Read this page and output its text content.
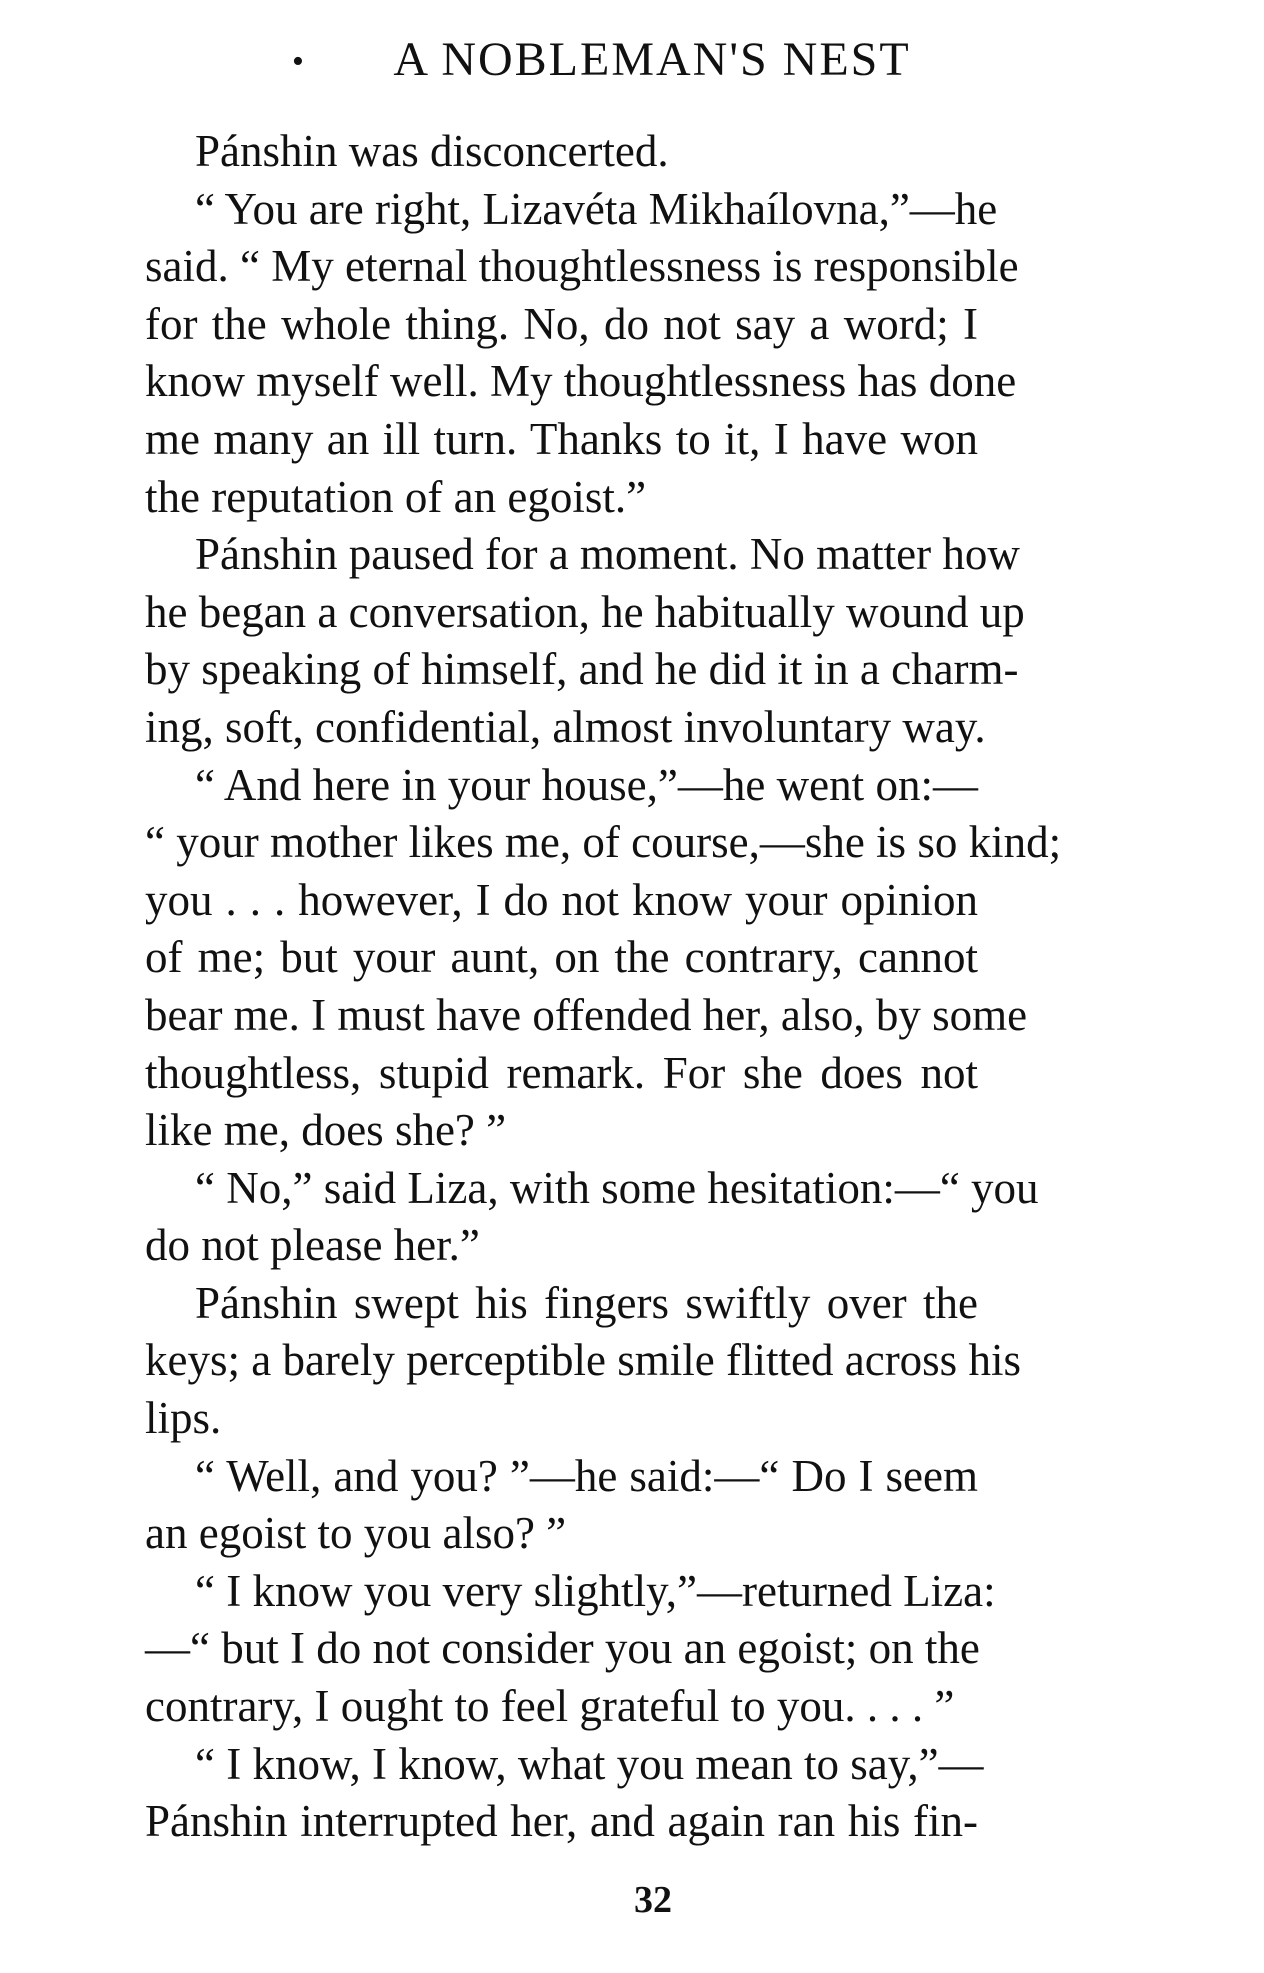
• A NOBLEMAN'S NEST
Pánshin was disconcerted.
“ You are right, Lizavéta Mikhaílovna,”—he
said. “ My eternal thoughtlessness is responsible
for the whole thing. No, do not say a word; I
know myself well. My thoughtlessness has done
me many an ill turn. Thanks to it, I have won
the reputation of an egoist.”
Pánshin paused for a moment. No matter how
he began a conversation, he habitually wound up
by speaking of himself, and he did it in a charm-
ing, soft, confidential, almost involuntary way.
“ And here in your house,”—he went on:—
“ your mother likes me, of course,—she is so kind;
you . . . however, I do not know your opinion
of me; but your aunt, on the contrary, cannot
bear me. I must have offended her, also, by some
thoughtless, stupid remark. For she does not
like me, does she? ”
“ No,” said Liza, with some hesitation:—“ you
do not please her.”
Pánshin swept his fingers swiftly over the
keys; a barely perceptible smile flitted across his
lips.
“ Well, and you? ”—he said:—“ Do I seem
an egoist to you also? ”
“ I know you very slightly,”—returned Liza:
—“ but I do not consider you an egoist; on the
contrary, I ought to feel grateful to you. . . . ”
“ I know, I know, what you mean to say,”—
Pánshin interrupted her, and again ran his fin-
32
